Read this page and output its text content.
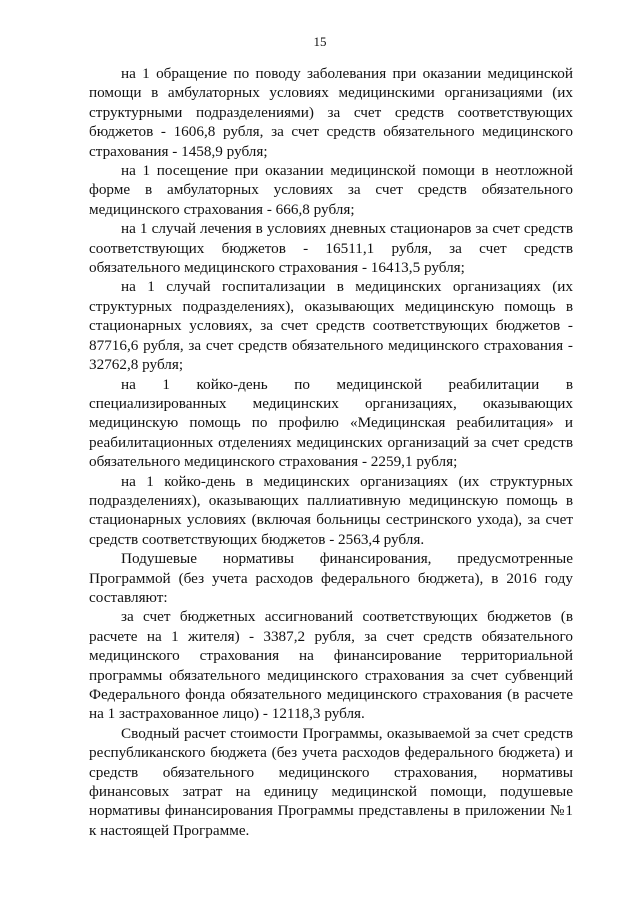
15

на 1 обращение по поводу заболевания при оказании медицинской помощи в амбулаторных условиях медицинскими организациями (их структурными подразделениями) за счет средств соответствующих бюджетов - 1606,8 рубля, за счет средств обязательного медицинского страхования - 1458,9 рубля;

на 1 посещение при оказании медицинской помощи в неотложной форме в амбулаторных условиях за счет средств обязательного медицинского страхования - 666,8 рубля;

на 1 случай лечения в условиях дневных стационаров за счет средств соответствующих бюджетов - 16511,1 рубля, за счет средств обязательного медицинского страхования - 16413,5 рубля;

на 1 случай госпитализации в медицинских организациях (их структурных подразделениях), оказывающих медицинскую помощь в стационарных условиях, за счет средств соответствующих бюджетов - 87716,6 рубля, за счет средств обязательного медицинского страхования - 32762,8 рубля;

на 1 койко-день по медицинской реабилитации в специализированных медицинских организациях, оказывающих медицинскую помощь по профилю «Медицинская реабилитация» и реабилитационных отделениях медицинских организаций за счет средств обязательного медицинского страхования - 2259,1 рубля;

на 1 койко-день в медицинских организациях (их структурных подразделениях), оказывающих паллиативную медицинскую помощь в стационарных условиях (включая больницы сестринского ухода), за счет средств соответствующих бюджетов - 2563,4 рубля.

Подушевые нормативы финансирования, предусмотренные Программой (без учета расходов федерального бюджета), в 2016 году составляют:

за счет бюджетных ассигнований соответствующих бюджетов (в расчете на 1 жителя) - 3387,2 рубля, за счет средств обязательного медицинского страхования на финансирование территориальной программы обязательного медицинского страхования за счет субвенций Федерального фонда обязательного медицинского страхования (в расчете на 1 застрахованное лицо) - 12118,3 рубля.

Сводный расчет стоимости Программы, оказываемой за счет средств республиканского бюджета (без учета расходов федерального бюджета) и средств обязательного медицинского страхования, нормативы финансовых затрат на единицу медицинской помощи, подушевые нормативы финансирования Программы представлены в приложении №1 к настоящей Программе.
